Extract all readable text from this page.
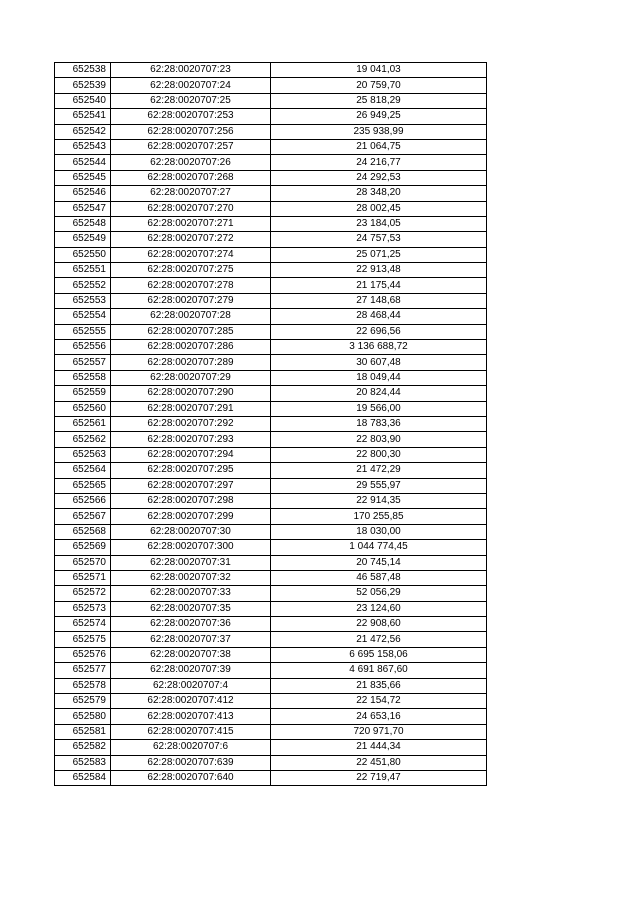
652538	62:28:0020707:23	19 041,03
652539	62:28:0020707:24	20 759,70
652540	62:28:0020707:25	25 818,29
652541	62:28:0020707:253	26 949,25
652542	62:28:0020707:256	235 938,99
652543	62:28:0020707:257	21 064,75
652544	62:28:0020707:26	24 216,77
652545	62:28:0020707:268	24 292,53
652546	62:28:0020707:27	28 348,20
652547	62:28:0020707:270	28 002,45
652548	62:28:0020707:271	23 184,05
652549	62:28:0020707:272	24 757,53
652550	62:28:0020707:274	25 071,25
652551	62:28:0020707:275	22 913,48
652552	62:28:0020707:278	21 175,44
652553	62:28:0020707:279	27 148,68
652554	62:28:0020707:28	28 468,44
652555	62:28:0020707:285	22 696,56
652556	62:28:0020707:286	3 136 688,72
652557	62:28:0020707:289	30 607,48
652558	62:28:0020707:29	18 049,44
652559	62:28:0020707:290	20 824,44
652560	62:28:0020707:291	19 566,00
652561	62:28:0020707:292	18 783,36
652562	62:28:0020707:293	22 803,90
652563	62:28:0020707:294	22 800,30
652564	62:28:0020707:295	21 472,29
652565	62:28:0020707:297	29 555,97
652566	62:28:0020707:298	22 914,35
652567	62:28:0020707:299	170 255,85
652568	62:28:0020707:30	18 030,00
652569	62:28:0020707:300	1 044 774,45
652570	62:28:0020707:31	20 745,14
652571	62:28:0020707:32	46 587,48
652572	62:28:0020707:33	52 056,29
652573	62:28:0020707:35	23 124,60
652574	62:28:0020707:36	22 908,60
652575	62:28:0020707:37	21 472,56
652576	62:28:0020707:38	6 695 158,06
652577	62:28:0020707:39	4 691 867,60
652578	62:28:0020707:4	21 835,66
652579	62:28:0020707:412	22 154,72
652580	62:28:0020707:413	24 653,16
652581	62:28:0020707:415	720 971,70
652582	62:28:0020707:6	21 444,34
652583	62:28:0020707:639	22 451,80
652584	62:28:0020707:640	22 719,47
